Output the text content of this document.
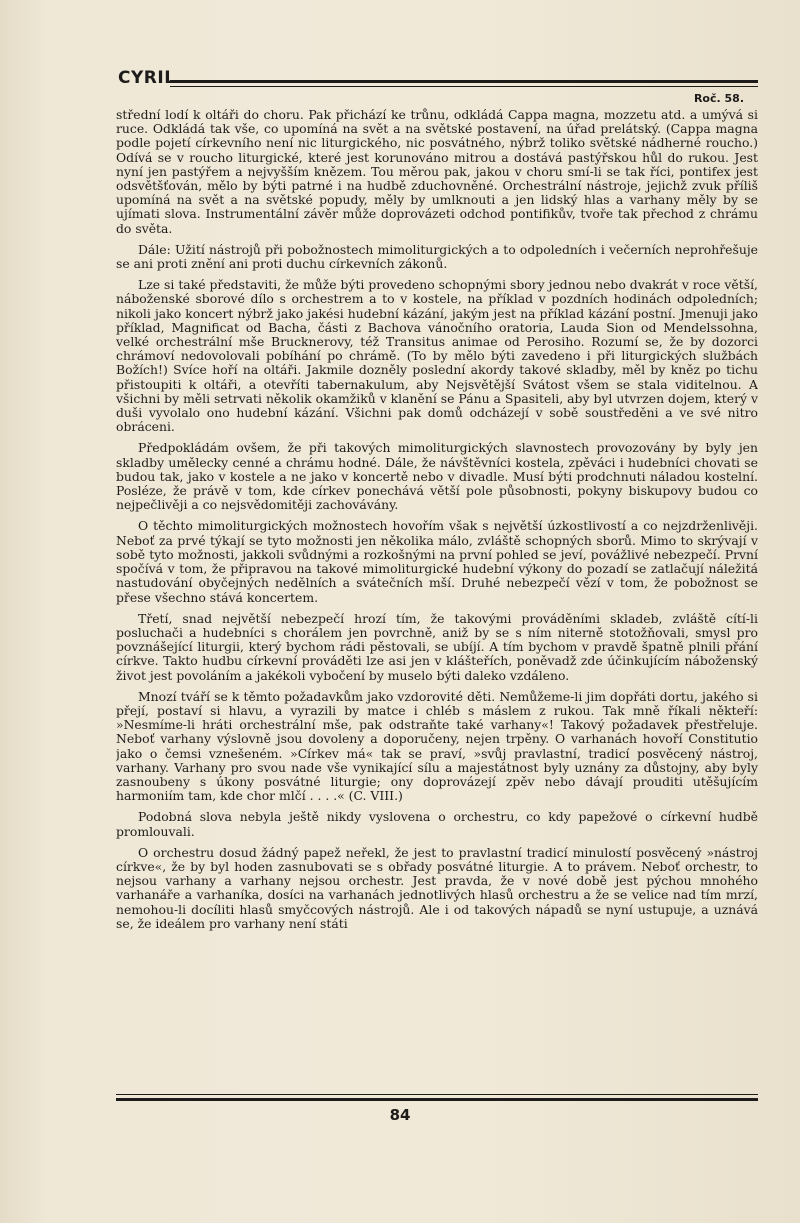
CYRIL
Roč. 58.

střední lodí k oltáři do choru. Pak přichází ke trůnu, odkládá Cappa magna, mozzetu atd. a umývá si ruce. Odkládá tak vše, co upomíná na svět a na světské postavení, na úřad prelátský. (Cappa magna podle pojetí církevního není nic liturgického, nic posvátného, nýbrž toliko světské nádherné roucho.) Odívá se v roucho liturgické, které jest korunováno mitrou a dostává pastýřskou hůl do rukou. Jest nyní jen pastýřem a nejvyšším knězem. Tou měrou pak, jakou v choru smí-li se tak říci, pontifex jest odsvětšťován, mělo by býti patrné i na hudbě zduchovněné. Orchestrální nástroje, jejichž zvuk příliš upomíná na svět a na světské popudy, měly by umlknouti a jen lidský hlas a varhany měly by se ujímati slova. Instrumentální závěr může doprovázeti odchod pontifikův, tvoře tak přechod z chrámu do světa.

Dále: Užití nástrojů při pobožnostech mimoliturgických a to odpoledních i večerních neprohřešuje se ani proti znění ani proti duchu církevních zákonů.

Lze si také představiti, že může býti provedeno schopnými sbory jednou nebo dvakrát v roce větší, náboženské sborové dílo s orchestrem a to v kostele, na příklad v pozdních hodinách odpoledních; nikoli jako koncert nýbrž jako jakési hudební kázání, jakým jest na příklad kázání postní. Jmenuji jako příklad, Magnificat od Bacha, části z Bachova vánočního oratoria, Lauda Sion od Mendelssohna, velké orchestrální mše Brucknerovy, též Transitus animae od Perosiho. Rozumí se, že by dozorci chrámoví nedovolovali pobíhání po chrámě. (To by mělo býti zavedeno i při liturgických službách Božích!) Svíce hoří na oltáři. Jakmile dozněly poslední akordy takové skladby, měl by kněz po tichu přistoupiti k oltáři, a otevříti tabernakulum, aby Nejsvětější Svátost všem se stala viditelnou. A všichni by měli setrvati několik okamžiků v klanění se Pánu a Spasiteli, aby byl utvrzen dojem, který v duši vyvolalo ono hudební kázání. Všichni pak domů odcházejí v sobě soustředěni a ve své nitro obráceni.

Předpokládám ovšem, že při takových mimoliturgických slavnostech provozovány by byly jen skladby umělecky cenné a chrámu hodné. Dále, že návštěvníci kostela, zpěváci i hudebníci chovati se budou tak, jako v kostele a ne jako v koncertě nebo v divadle. Musí býti prodchnuti náladou kostelní. Posléze, že právě v tom, kde církev ponechává větší pole působnosti, pokyny biskupovy budou co nejpečlivěji a co nejsvědomitěji zachovávány.

O těchto mimoliturgických možnostech hovořím však s největší úzkostlivostí a co nejzdrženlivěji. Neboť za prvé týkají se tyto možnosti jen několika málo, zvláště schopných sborů. Mimo to skrývají v sobě tyto možnosti, jakkoli svůdnými a rozkošnými na první pohled se jeví, povážlivé nebezpečí. První spočívá v tom, že připravou na takové mimoliturgické hudební výkony do pozadí se zatlačují náležitá nastudování obyčejných nedělních a svátečních mší. Druhé nebezpečí vězí v tom, že pobožnost se přese všechno stává koncertem.

Třetí, snad největší nebezpečí hrozí tím, že takovými prováděními skladeb, zvláště cítí-li posluchači a hudebníci s chorálem jen povrchně, aniž by se s ním niterně stotožňovali, smysl pro povznášející liturgii, který bychom rádi pěstovali, se ubíjí. A tím bychom v pravdě špatně plnili přání církve. Takto hudbu církevní prováděti lze asi jen v klášteřích, poněvadž zde účinkujícím náboženský život jest povoláním a jakékoli vybočení by muselo býti daleko vzdáleno.

Mnozí tváří se k těmto požadavkům jako vzdorovité děti. Nemůžeme-li jim dopřáti dortu, jakého si přejí, postaví si hlavu, a vyrazili by matce i chléb s máslem z rukou. Tak mně říkali někteří: »Nesmíme-li hráti orchestrální mše, pak odstraňte také varhany«! Takový požadavek přestřeluje. Neboť varhany výslovně jsou dovoleny a doporučeny, nejen trpěny. O varhanách hovoří Constitutio jako o čemsi vznešeném. »Církev má« tak se praví, »svůj pravlastní, tradicí posvěcený nástroj, varhany. Varhany pro svou nade vše vynikající sílu a majestátnost byly uznány za důstojny, aby byly zasnoubeny s úkony posvátné liturgie; ony doprovázejí zpěv nebo dávají prouditi utěšujícím harmoniím tam, kde chor mlčí . . . .« (C. VIII.)

Podobná slova nebyla ještě nikdy vyslovena o orchestru, co kdy papežové o církevní hudbě promlouvali.

O orchestru dosud žádný papež neřekl, že jest to pravlastní tradicí minulostí posvěcený »nástroj církve«, že by byl hoden zasnubovati se s obřady posvátné liturgie. A to právem. Neboť orchestr, to nejsou varhany a varhany nejsou orchestr. Jest pravda, že v nové době jest pýchou mnohého varhanáře a varhaníka, dosíci na varhanách jednotlivých hlasů orchestru a že se velice nad tím mrzí, nemohou-li docíliti hlasů smyčcových nástrojů. Ale i od takových nápadů se nyní ustupuje, a uznává se, že ideálem pro varhany není státi

84
